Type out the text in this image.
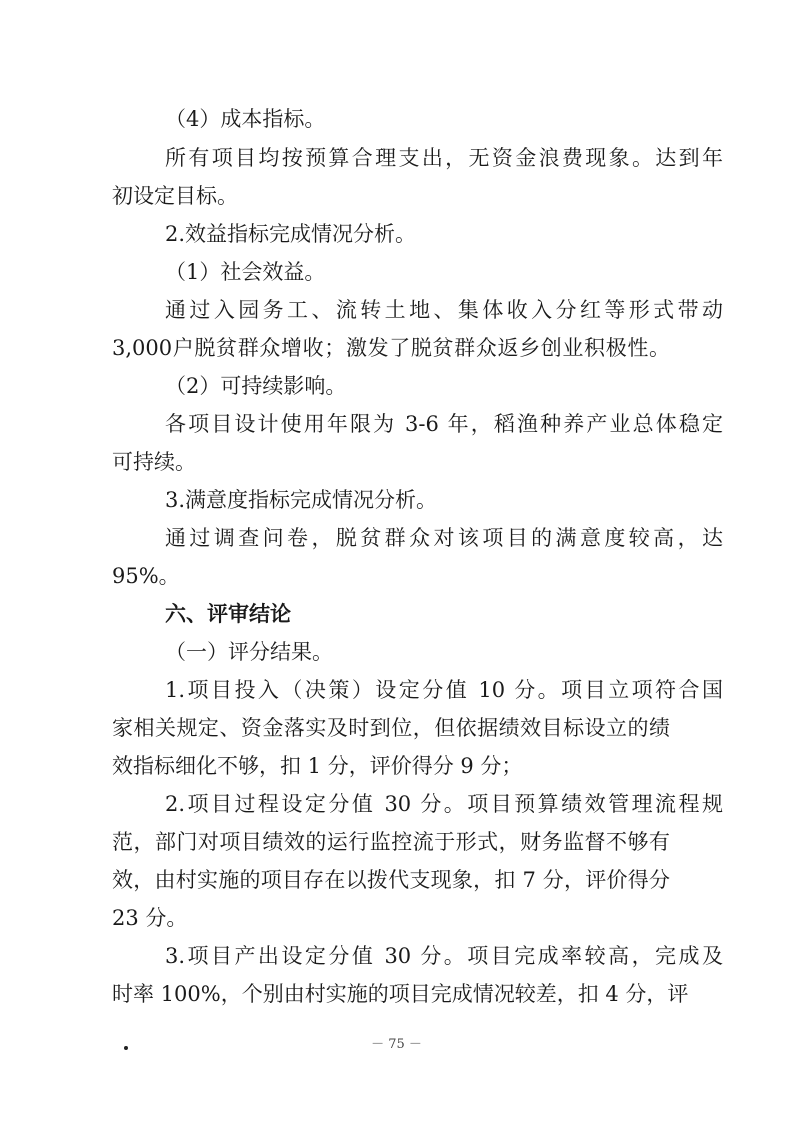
（4）成本指标。

所有项目均按预算合理支出，无资金浪费现象。达到年

初设定目标。

2.效益指标完成情况分析。

（1）社会效益。

通过入园务工、流转土地、集体收入分红等形式带动

3,000户脱贫群众增收；激发了脱贫群众返乡创业积极性。

（2）可持续影响。

各项目设计使用年限为 3-6 年，稻渔种养产业总体稳定

可持续。

3.满意度指标完成情况分析。

通过调查问卷，脱贫群众对该项目的满意度较高，达

95%。

六、评审结论

（一）评分结果。

1.项目投入（决策）设定分值 10 分。项目立项符合国

家相关规定、资金落实及时到位，但依据绩效目标设立的绩

效指标细化不够，扣 1 分，评价得分 9 分；

2.项目过程设定分值 30 分。项目预算绩效管理流程规

范，部门对项目绩效的运行监控流于形式，财务监督不够有

效，由村实施的项目存在以拨代支现象，扣 7 分，评价得分

23 分。

3.项目产出设定分值 30 分。项目完成率较高，完成及

时率 100%，个别由村实施的项目完成情况较差，扣 4 分，评

－ 75 －
